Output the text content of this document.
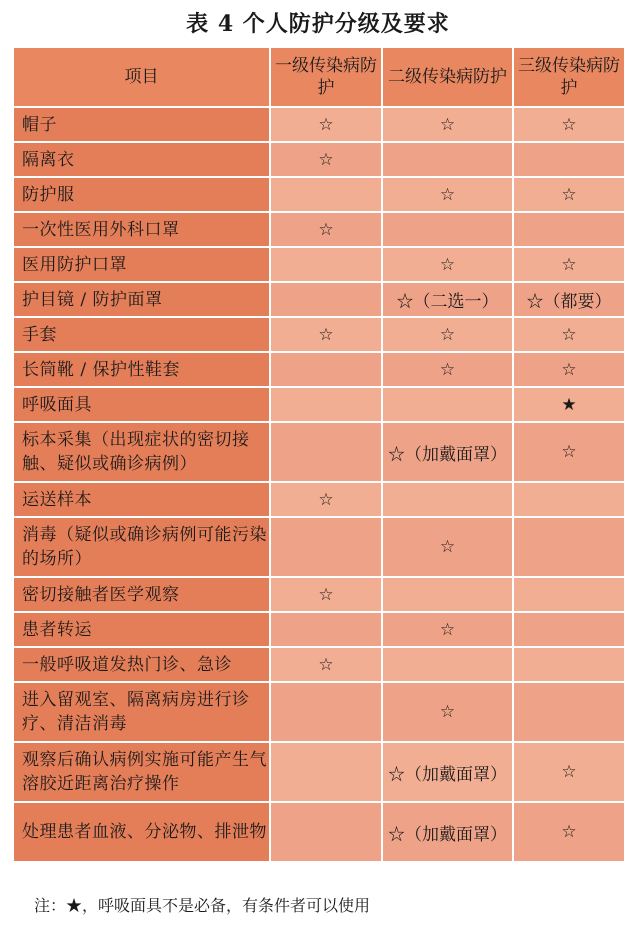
表 4 个人防护分级及要求
项目	一级传染病防护	二级传染病防护	三级传染病防护
帽子	☆	☆	☆
隔离衣	☆		
防护服		☆	☆
一次性医用外科口罩	☆		
医用防护口罩		☆	☆
护目镜 / 防护面罩		☆（二选一）	☆（都要）
手套	☆	☆	☆
长筒靴 / 保护性鞋套		☆	☆
呼吸面具			★
标本采集（出现症状的密切接触、疑似或确诊病例）		☆（加戴面罩）	☆
运送样本	☆		
消毒（疑似或确诊病例可能污染的场所）		☆	
密切接触者医学观察	☆		
患者转运		☆	
一般呼吸道发热门诊、急诊	☆		
进入留观室、隔离病房进行诊疗、清洁消毒		☆	
观察后确认病例实施可能产生气溶胶近距离治疗操作		☆（加戴面罩）	☆
处理患者血液、分泌物、排泄物		☆（加戴面罩）	☆
注：★，呼吸面具不是必备，有条件者可以使用
